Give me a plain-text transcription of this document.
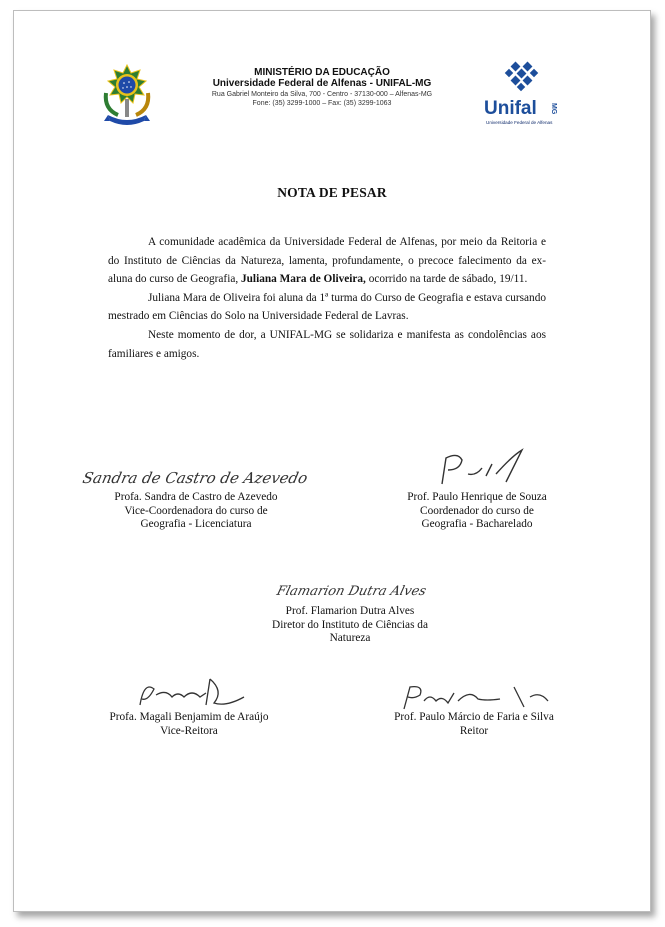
MINISTÉRIO DA EDUCAÇÃO
Universidade Federal de Alfenas - UNIFAL-MG
Rua Gabriel Monteiro da Silva, 700 - Centro - 37130-000 – Alfenas-MG
Fone: (35) 3299-1000 – Fax: (35) 3299-1063	Unifal MG
Universidade Federal de Alfenas
NOTA DE PESAR

A comunidade acadêmica da Universidade Federal de Alfenas, por meio da Reitoria e do Instituto de Ciências da Natureza, lamenta, profundamente, o precoce falecimento da ex-aluna do curso de Geografia, Juliana Mara de Oliveira, ocorrido na tarde de sábado, 19/11.

Juliana Mara de Oliveira foi aluna da 1ª turma do Curso de Geografia e estava cursando mestrado em Ciências do Solo na Universidade Federal de Lavras.

Neste momento de dor, a UNIFAL-MG se solidariza e manifesta as condolências aos familiares e amigos.

Sandra de Castro de Azevedo
Profa. Sandra de Castro de Azevedo
Vice-Coordenadora do curso de
Geografia - Licenciatura
Prof. Paulo Henrique de Souza
Coordenador do curso de
Geografia - Bacharelado
Flamarion Dutra Alves
Prof. Flamarion Dutra Alves
Diretor do Instituto de Ciências da
Natureza
Profa. Magali Benjamim de Araújo
Vice-Reitora
Prof. Paulo Márcio de Faria e Silva
Reitor
